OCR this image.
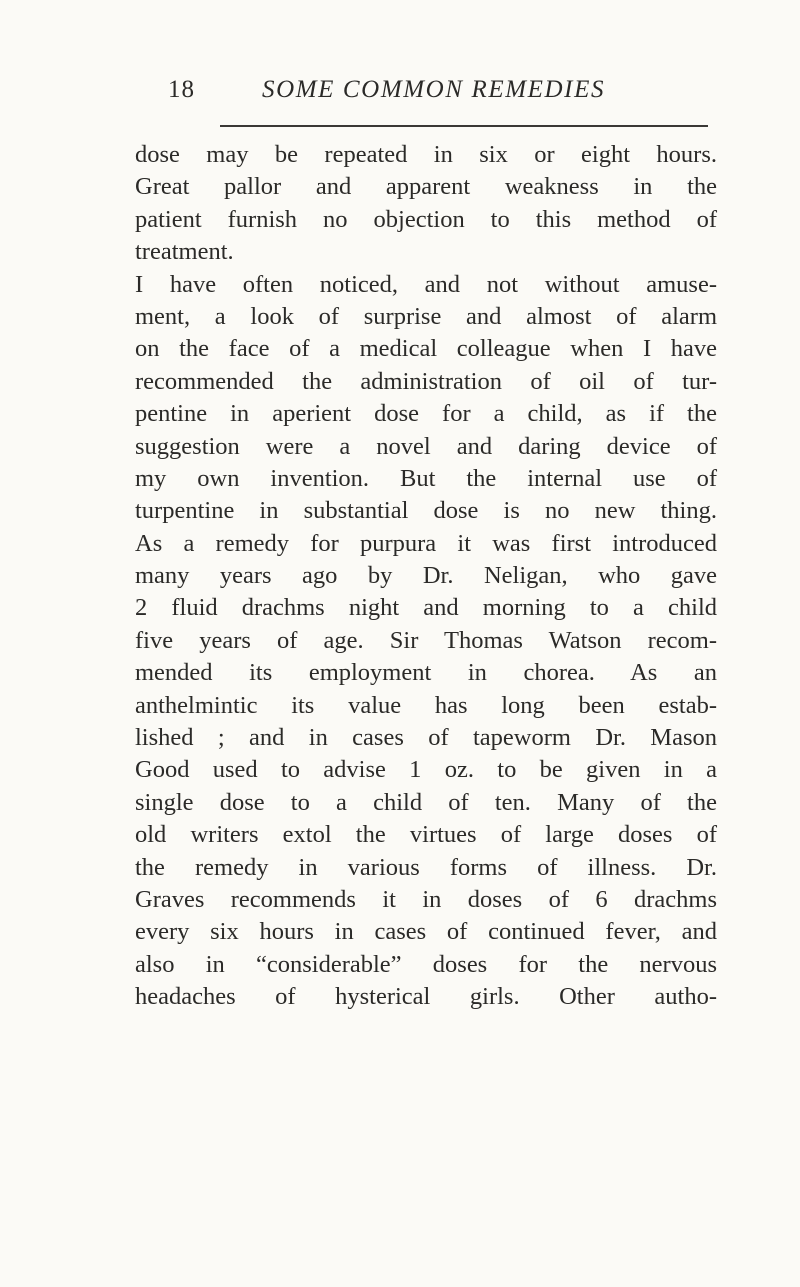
18	SOME COMMON REMEDIES
dose may be repeated in six or eight hours.
Great pallor and apparent weakness in the
patient furnish no objection to this method of
treatment.
I have often noticed, and not without amuse-
ment, a look of surprise and almost of alarm
on the face of a medical colleague when I have
recommended the administration of oil of tur-
pentine in aperient dose for a child, as if the
suggestion were a novel and daring device of
my own invention. But the internal use of
turpentine in substantial dose is no new thing.
As a remedy for purpura it was first introduced
many years ago by Dr. Neligan, who gave
2 fluid drachms night and morning to a child
five years of age. Sir Thomas Watson recom-
mended its employment in chorea. As an
anthelmintic its value has long been estab-
lished ; and in cases of tapeworm Dr. Mason
Good used to advise 1 oz. to be given in a
single dose to a child of ten. Many of the
old writers extol the virtues of large doses of
the remedy in various forms of illness. Dr.
Graves recommends it in doses of 6 drachms
every six hours in cases of continued fever, and
also in “considerable” doses for the nervous
headaches of hysterical girls. Other autho-
